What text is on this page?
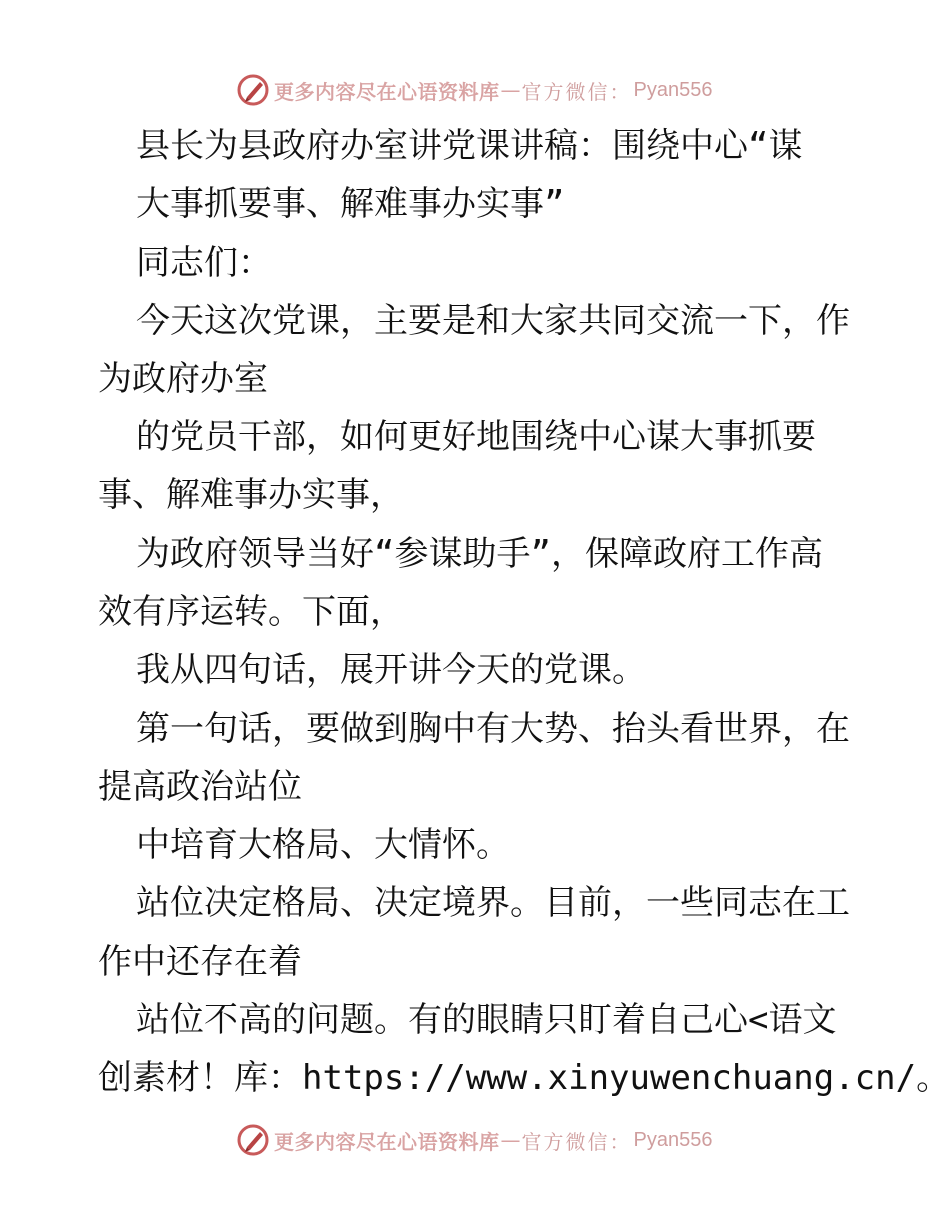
更多内容尽在心语资料库 — 官方微信： Pyan556

县长为县政府办室讲党课讲稿：围绕中心“谋

大事抓要事、解难事办实事”

同志们：

今天这次党课，主要是和大家共同交流一下，作

为政府办室

的党员干部，如何更好地围绕中心谋大事抓要

事、解难事办实事，

为政府领导当好“参谋助手”，保障政府工作高

效有序运转。下面，

我从四句话，展开讲今天的党课。

第一句话，要做到胸中有大势、抬头看世界，在

提高政治站位

中培育大格局、大情怀。

站位决定格局、决定境界。目前，一些同志在工

作中还存在着

站位不高的问题。有的眼睛只盯着自己心<语文

创素材！库：https://www.xinyuwenchuang.cn/。

更多内容尽在心语资料库 — 官方微信： Pyan556
